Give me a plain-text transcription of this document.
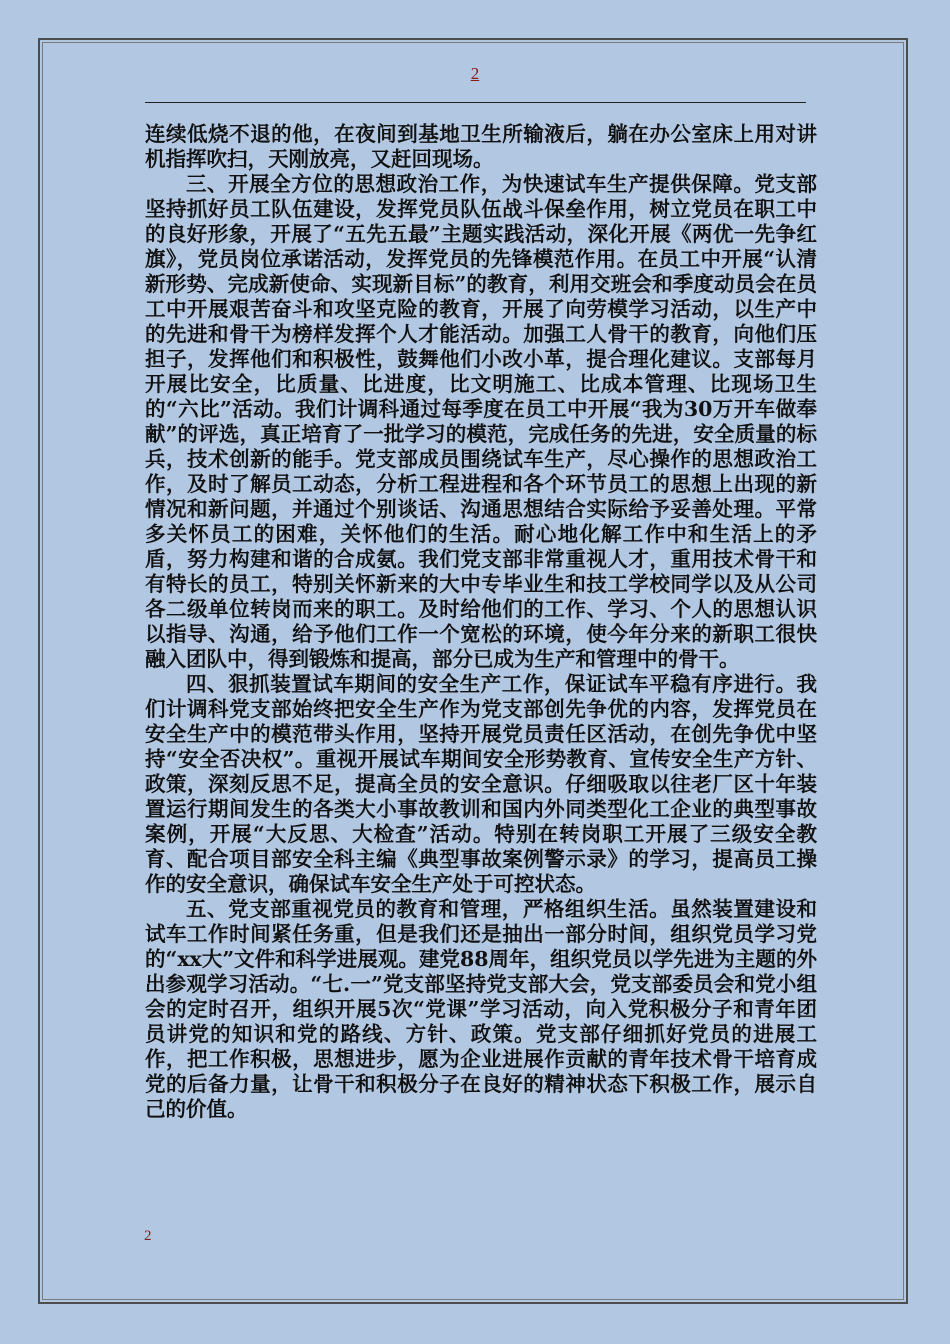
2

连续低烧不退的他，在夜间到基地卫生所输液后，躺在办公室床上用对讲机指挥吹扫，天刚放亮，又赶回现场。

三、开展全方位的思想政治工作，为快速试车生产提供保障。党支部坚持抓好员工队伍建设，发挥党员队伍战斗保垒作用，树立党员在职工中的良好形象，开展了“五先五最”主题实践活动，深化开展《两优一先争红旗》，党员岗位承诺活动，发挥党员的先锋模范作用。在员工中开展“认清新形势、完成新使命、实现新目标”的教育，利用交班会和季度动员会在员工中开展艰苦奋斗和攻坚克险的教育，开展了向劳模学习活动，以生产中的先进和骨干为榜样发挥个人才能活动。加强工人骨干的教育，向他们压担子，发挥他们和积极性，鼓舞他们小改小革，提合理化建议。支部每月开展比安全，比质量、比进度，比文明施工、比成本管理、比现场卫生的“六比”活动。我们计调科通过每季度在员工中开展“我为30万开车做奉献”的评选，真正培育了一批学习的模范，完成任务的先进，安全质量的标兵，技术创新的能手。党支部成员围绕试车生产，尽心操作的思想政治工作，及时了解员工动态，分析工程进程和各个环节员工的思想上出现的新情况和新问题，并通过个别谈话、沟通思想结合实际给予妥善处理。平常多关怀员工的困难，关怀他们的生活。耐心地化解工作中和生活上的矛盾，努力构建和谐的合成氨。我们党支部非常重视人才，重用技术骨干和有特长的员工，特别关怀新来的大中专毕业生和技工学校同学以及从公司各二级单位转岗而来的职工。及时给他们的工作、学习、个人的思想认识以指导、沟通，给予他们工作一个宽松的环境，使今年分来的新职工很快融入团队中，得到锻炼和提高，部分已成为生产和管理中的骨干。

四、狠抓装置试车期间的安全生产工作，保证试车平稳有序进行。我们计调科党支部始终把安全生产作为党支部创先争优的内容，发挥党员在安全生产中的模范带头作用，坚持开展党员责任区活动，在创先争优中坚持“安全否决权”。重视开展试车期间安全形势教育、宣传安全生产方针、政策，深刻反思不足，提高全员的安全意识。仔细吸取以往老厂区十年装置运行期间发生的各类大小事故教训和国内外同类型化工企业的典型事故案例，开展“大反思、大检查”活动。特别在转岗职工开展了三级安全教育、配合项目部安全科主编《典型事故案例警示录》的学习，提高员工操作的安全意识，确保试车安全生产处于可控状态。

五、党支部重视党员的教育和管理，严格组织生活。虽然装置建设和试车工作时间紧任务重，但是我们还是抽出一部分时间，组织党员学习党的“xx大”文件和科学进展观。建党88周年，组织党员以学先进为主题的外出参观学习活动。“七.一”党支部坚持党支部大会，党支部委员会和党小组会的定时召开，组织开展5次“党课”学习活动，向入党积极分子和青年团员讲党的知识和党的路线、方针、政策。党支部仔细抓好党员的进展工作，把工作积极，思想进步，愿为企业进展作贡献的青年技术骨干培育成党的后备力量，让骨干和积极分子在良好的精神状态下积极工作，展示自己的价值。

2
